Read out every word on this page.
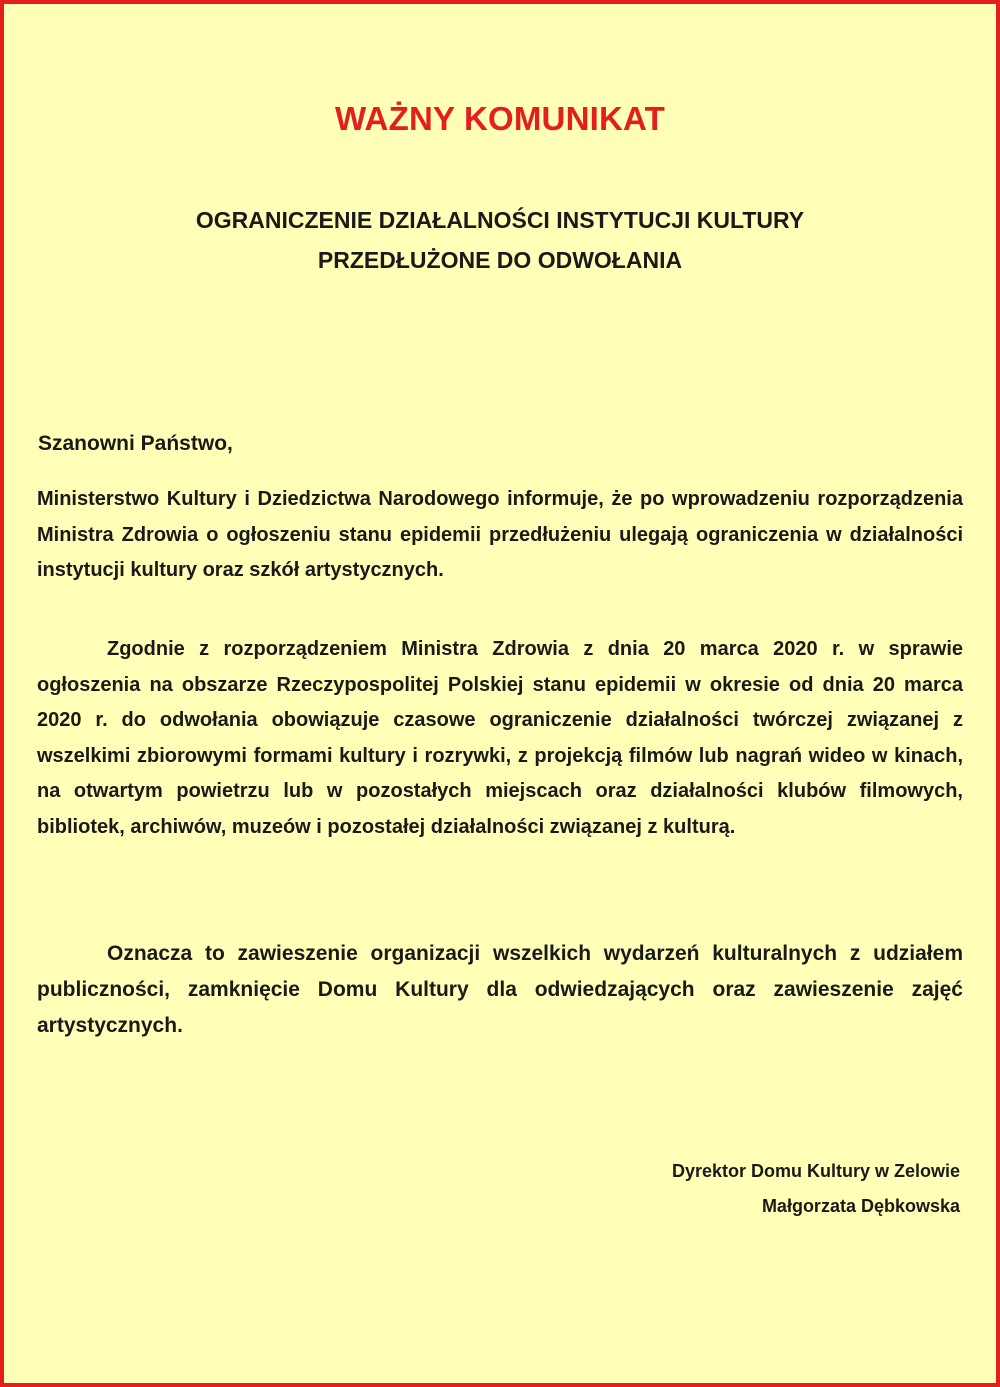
WAŻNY KOMUNIKAT
OGRANICZENIE DZIAŁALNOŚCI INSTYTUCJI KULTURY
PRZEDŁUŻONE DO ODWOŁANIA

Szanowni Państwo,

Ministerstwo Kultury i Dziedzictwa Narodowego informuje, że po wprowadzeniu rozporządzenia Ministra Zdrowia o ogłoszeniu stanu epidemii przedłużeniu ulegają ograniczenia w działalności instytucji kultury oraz szkół artystycznych.

Zgodnie z rozporządzeniem Ministra Zdrowia z dnia 20 marca 2020 r. w sprawie ogłoszenia na obszarze Rzeczypospolitej Polskiej stanu epidemii w okresie od dnia 20 marca 2020 r. do odwołania obowiązuje czasowe ograniczenie działalności twórczej związanej z wszelkimi zbiorowymi formami kultury i rozrywki, z projekcją filmów lub nagrań wideo w kinach, na otwartym powietrzu lub w pozostałych miejscach oraz działalności klubów filmowych, bibliotek, archiwów, muzeów i pozostałej działalności związanej z kulturą.

Oznacza to zawieszenie organizacji wszelkich wydarzeń kulturalnych z udziałem publiczności, zamknięcie Domu Kultury dla odwiedzających oraz zawieszenie zajęć artystycznych.

Dyrektor Domu Kultury w Zelowie
Małgorzata Dębkowska
